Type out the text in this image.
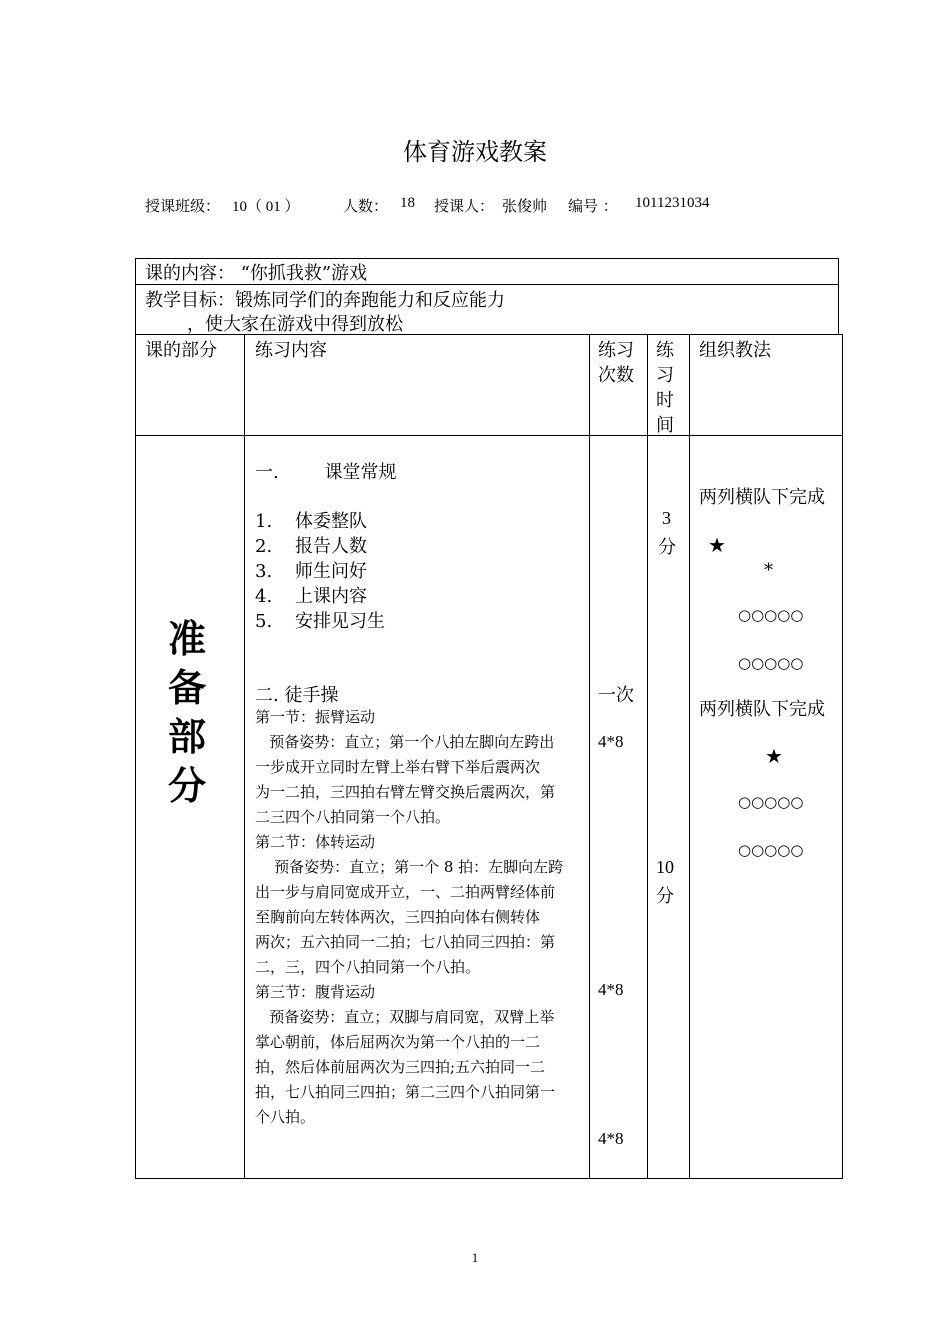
体育游戏教案
授课班级： 10（ 01 ）	人数： 18 授课人： 张俊帅 编号 ： 1011231034
课的内容： “你抓我救”游戏
教学目标：锻炼同学们的奔跑能力和反应能力
，使大家在游戏中得到放松
课的部分 练习内容	练习
次数
练
习
时
间
组织教法
准
备
部
分
一.        课堂常规
1.    体委整队
2.    报告人数
3.    师生问好
4.    上课内容
5.    安排见习生
二. 徒手操
第一节：振臂运动
预备姿势：直立；第一个八拍左脚向左跨出
一步成开立同时左臂上举右臂下举后震两次
为一二拍，三四拍右臂左臂交换后震两次，第
二三四个八拍同第一个八拍。
第二节：体转运动
预备姿势：直立；第一个 8 拍：左脚向左跨
出一步与肩同宽成开立，一、二拍两臂经体前
至胸前向左转体两次，三四拍向体右侧转体
两次；五六拍同一二拍；七八拍同三四拍：第
二，三，四个八拍同第一个八拍。
第三节：腹背运动
预备姿势：直立；双脚与肩同宽，双臂上举
掌心朝前，体后屈两次为第一个八拍的一二
拍，然后体前屈两次为三四拍;五六拍同一二
拍，七八拍同三四拍；第二三四个八拍同第一
个八拍。
一次
4*8
4*8
4*8
3
分
10
分
两列横队下完成
★
*
○○○○○
○○○○○
两列横队下完成
★
○○○○○
○○○○○
1
